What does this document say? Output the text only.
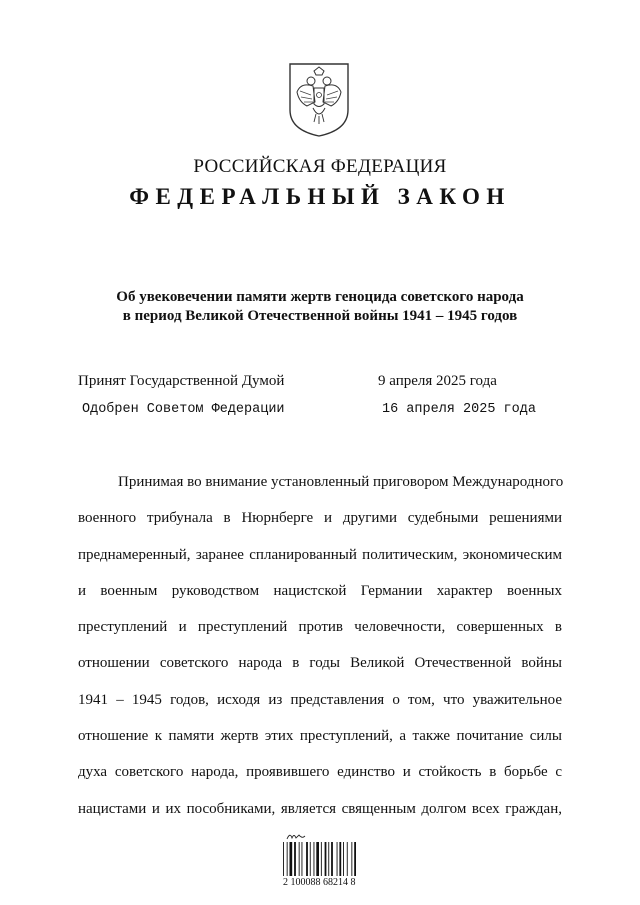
РОССИЙСКАЯ ФЕДЕРАЦИЯ
ФЕДЕРАЛЬНЫЙ ЗАКОН
Об увековечении памяти жертв геноцида советского народа
в период Великой Отечественной войны 1941 – 1945 годов
Принят Государственной Думой	9 апреля 2025 года
Одобрен Советом Федерации	16 апреля 2025 года
Принимая во внимание установленный приговором Международного
военного трибунала в Нюрнберге и другими судебными решениями
преднамеренный, заранее спланированный политическим, экономическим
и военным руководством нацистской Германии характер военных
преступлений и преступлений против человечности, совершенных в
отношении советского народа в годы Великой Отечественной войны
1941 – 1945 годов, исходя из представления о том, что уважительное
отношение к памяти жертв этих преступлений, а также почитание силы
духа советского народа, проявившего единство и стойкость в борьбе с
нацистами и их пособниками, является священным долгом всех граждан,
2 100088 68214 8
